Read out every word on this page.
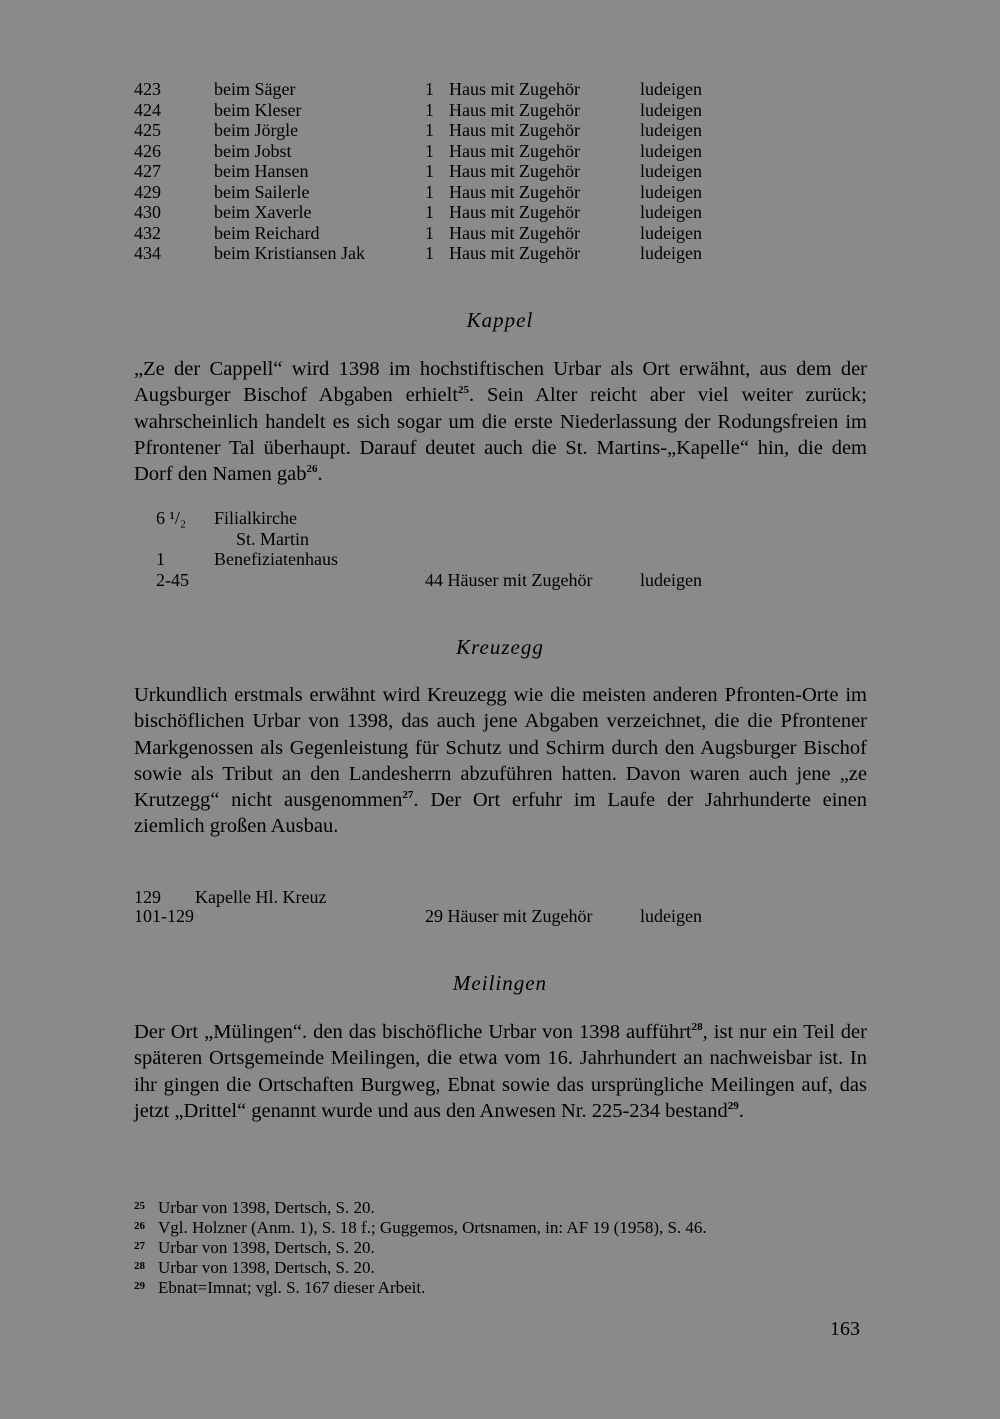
423	beim Säger	1 Haus mit Zugehör	ludeigen
424	beim Kleser	1 Haus mit Zugehör	ludeigen
425	beim Jörgle	1 Haus mit Zugehör	ludeigen
426	beim Jobst	1 Haus mit Zugehör	ludeigen
427	beim Hansen	1 Haus mit Zugehör	ludeigen
429	beim Sailerle	1 Haus mit Zugehör	ludeigen
430	beim Xaverle	1 Haus mit Zugehör	ludeigen
432	beim Reichard	1 Haus mit Zugehör	ludeigen
434	beim Kristiansen Jak	1 Haus mit Zugehör	ludeigen
Kappel
„Ze der Cappell“ wird 1398 im hochstiftischen Urbar als Ort erwähnt, aus dem der Augsburger Bischof Abgaben erhielt$^{25}$. Sein Alter reicht aber viel weiter zurück; wahrscheinlich handelt es sich sogar um die erste Niederlassung der Rodungsfreien im Pfrontener Tal überhaupt. Darauf deutet auch die St. Martins-„Kapelle“ hin, die dem Dorf den Namen gab$^{26}$.
6 ¹/₂ Filialkirche
St. Martin
1	Benefiziatenhaus
2-45	44 Häuser mit Zugehör	ludeigen
Kreuzegg
Urkundlich erstmals erwähnt wird Kreuzegg wie die meisten anderen Pfronten-Orte im bischöflichen Urbar von 1398, das auch jene Abgaben verzeichnet, die die Pfrontener Markgenossen als Gegenleistung für Schutz und Schirm durch den Augsburger Bischof sowie als Tribut an den Landesherrn abzuführen hatten. Davon waren auch jene „ze Krutzegg“ nicht ausgenommen$^{27}$. Der Ort erfuhr im Laufe der Jahrhunderte einen ziemlich großen Ausbau.
129 Kapelle Hl. Kreuz
101-129	29 Häuser mit Zugehör	ludeigen
Meilingen
Der Ort „Mülingen“. den das bischöfliche Urbar von 1398 aufführt$^{28}$, ist nur ein Teil der späteren Ortsgemeinde Meilingen, die etwa vom 16. Jahrhundert an nachweisbar ist. In ihr gingen die Ortschaften Burgweg, Ebnat sowie das ursprüngliche Meilingen auf, das jetzt „Drittel“ genannt wurde und aus den Anwesen Nr. 225-234 bestand$^{29}$.
25 Urbar von 1398, Dertsch, S. 20.
26 Vgl. Holzner (Anm. 1), S. 18 f.; Guggemos, Ortsnamen, in: AF 19 (1958), S. 46.
27 Urbar von 1398, Dertsch, S. 20.
28 Urbar von 1398, Dertsch, S. 20.
29 Ebnat=Imnat; vgl. S. 167 dieser Arbeit.
163
